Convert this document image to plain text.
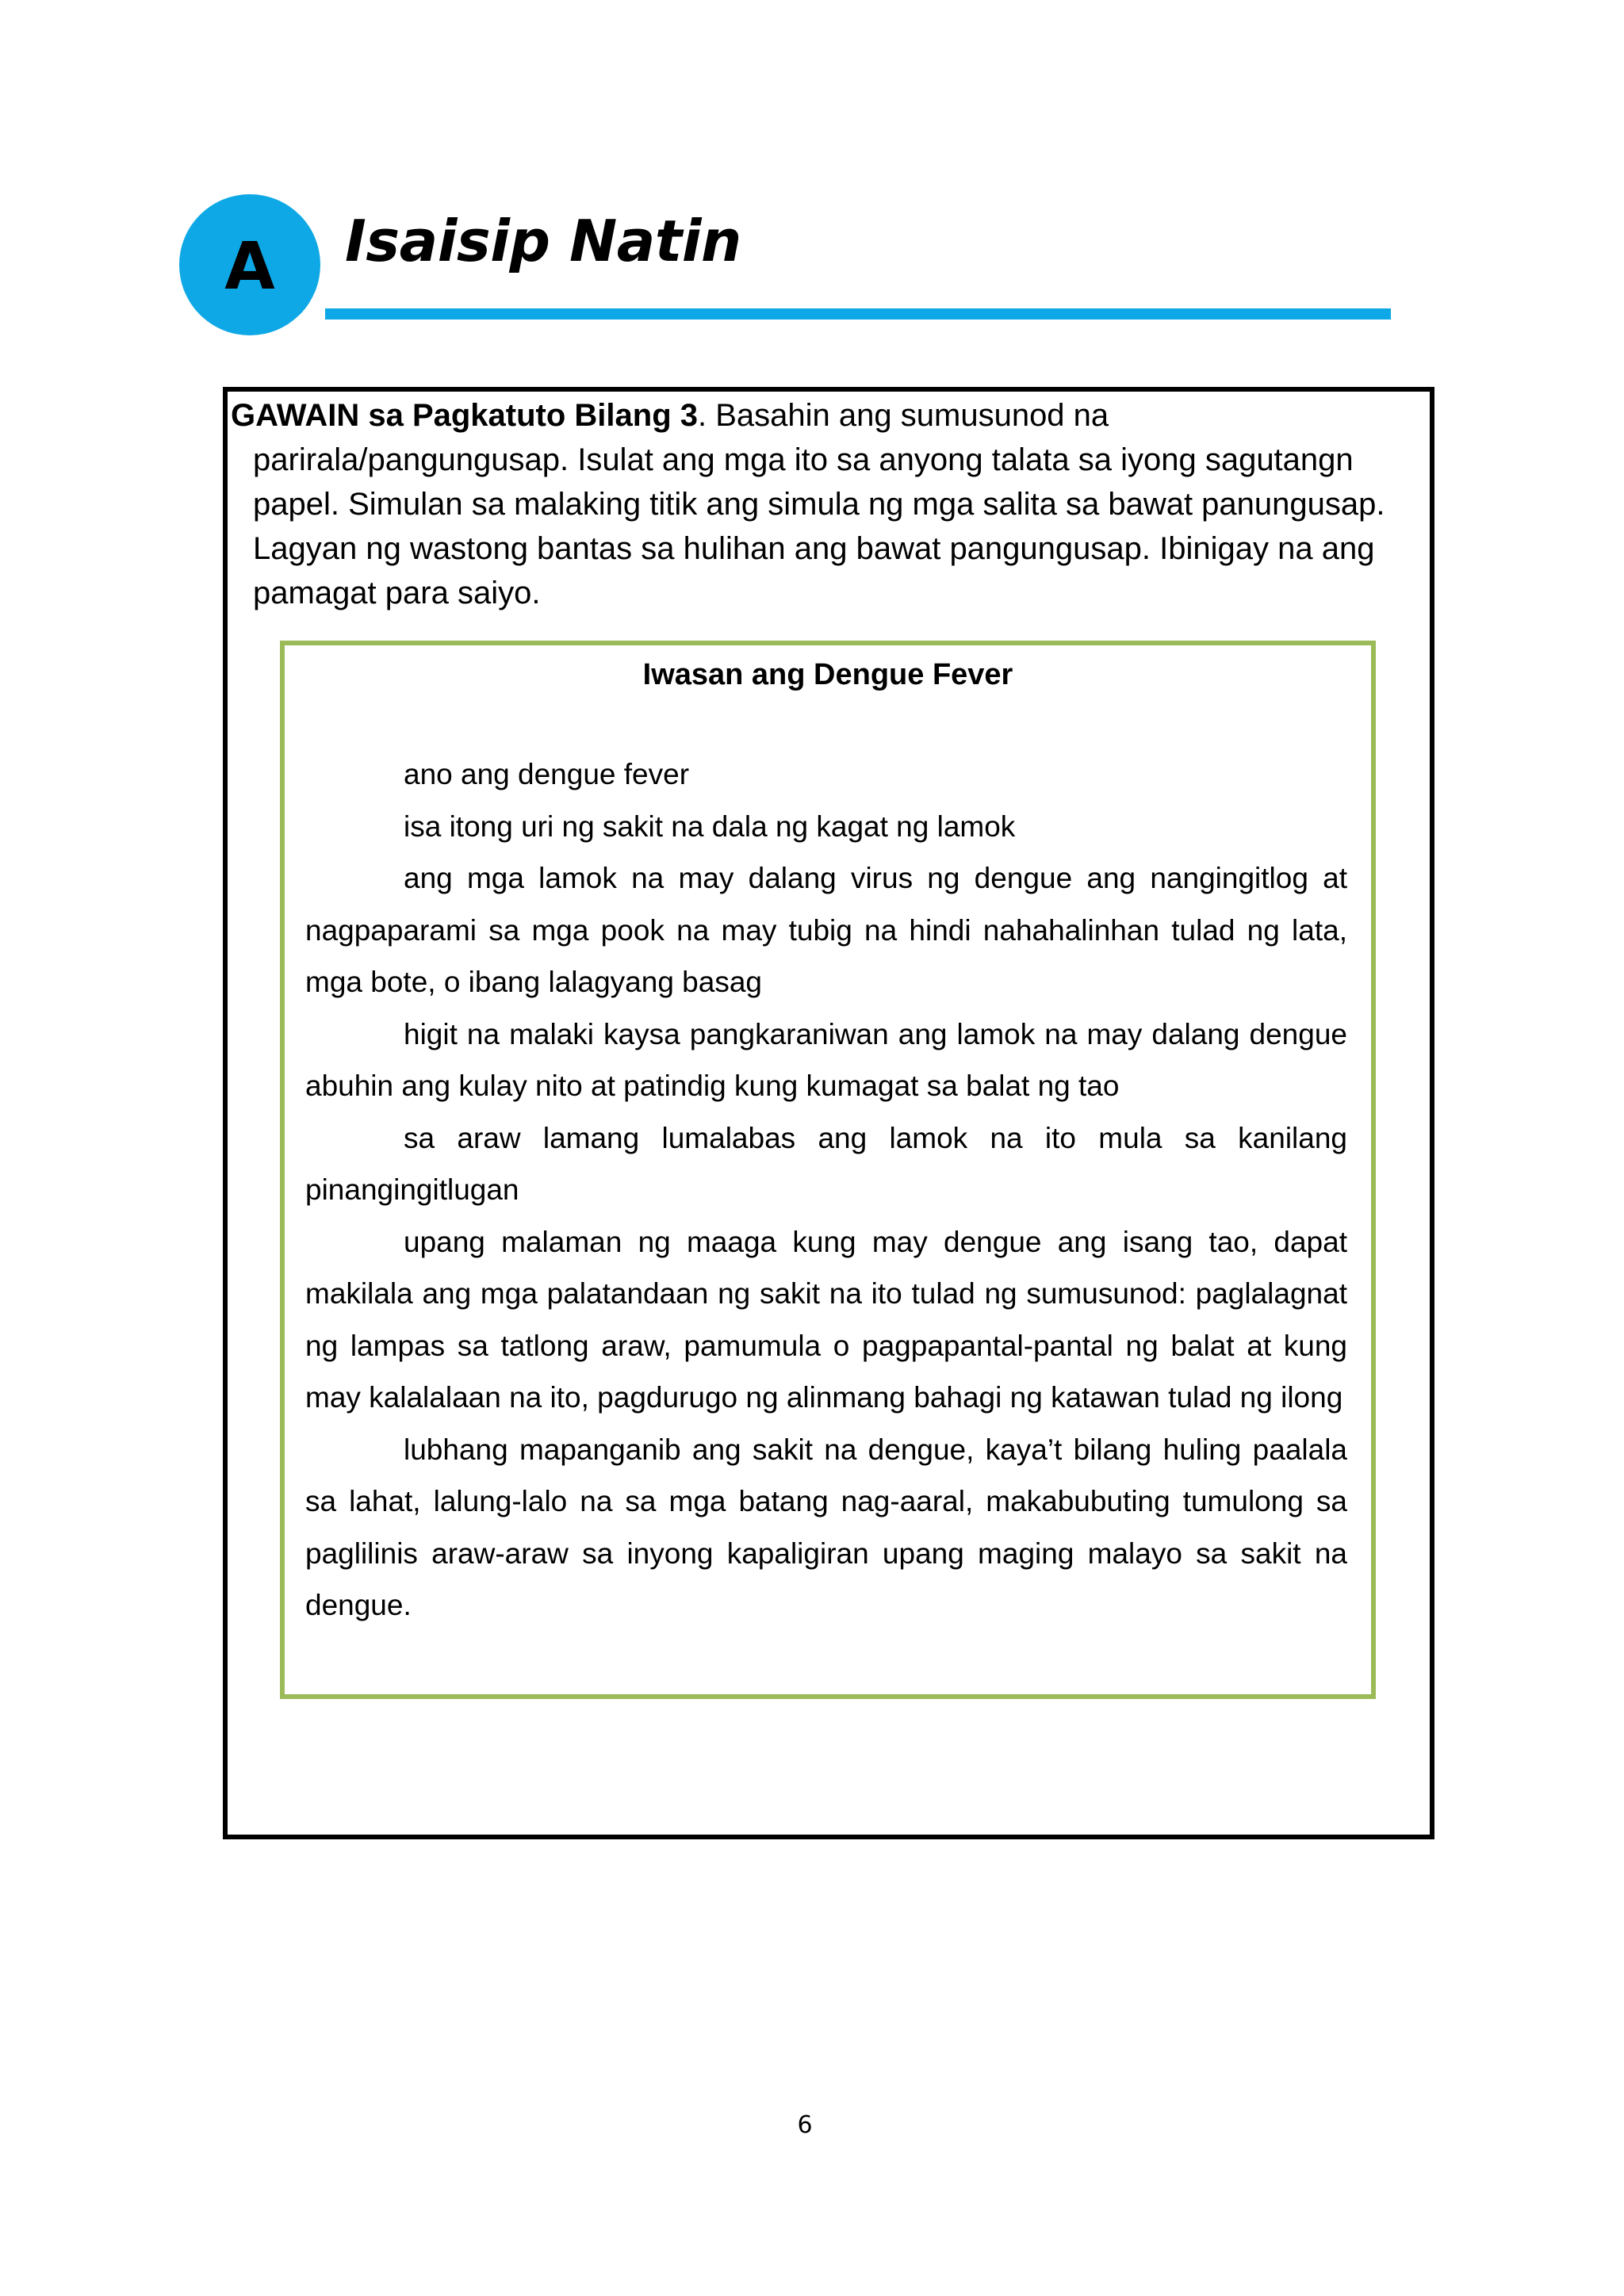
A Isaisip Natin
GAWAIN sa Pagkatuto Bilang 3. Basahin ang sumusunod na
parirala/pangungusap. Isulat ang mga ito sa anyong talata sa iyong sagutangn
papel. Simulan sa malaking titik ang simula ng mga salita sa bawat panungusap.
Lagyan ng wastong bantas sa hulihan ang bawat pangungusap. Ibinigay na ang
pamagat para saiyo.
Iwasan ang Dengue Fever

ano ang dengue fever

isa itong uri ng sakit na dala ng kagat ng lamok

ang mga lamok na may dalang virus ng dengue ang nangingitlog at nagpaparami sa mga pook na may tubig na hindi nahahalinhan tulad ng lata, mga bote, o ibang lalagyang basag

higit na malaki kaysa pangkaraniwan ang lamok na may dalang dengue abuhin ang kulay nito at patindig kung kumagat sa balat ng tao

sa araw lamang lumalabas ang lamok na ito mula sa kanilang pinangingitlugan

upang malaman ng maaga kung may dengue ang isang tao, dapat makilala ang mga palatandaan ng sakit na ito tulad ng sumusunod: paglalagnat ng lampas sa tatlong araw, pamumula o pagpapantal-pantal ng balat at kung may kalalalaan na ito, pagdurugo ng alinmang bahagi ng katawan tulad ng ilong

lubhang mapanganib ang sakit na dengue, kaya’t bilang huling paalala sa lahat, lalung-lalo na sa mga batang nag-aaral, makabubuting tumulong sa paglilinis araw-araw sa inyong kapaligiran upang maging malayo sa sakit na dengue.

6
